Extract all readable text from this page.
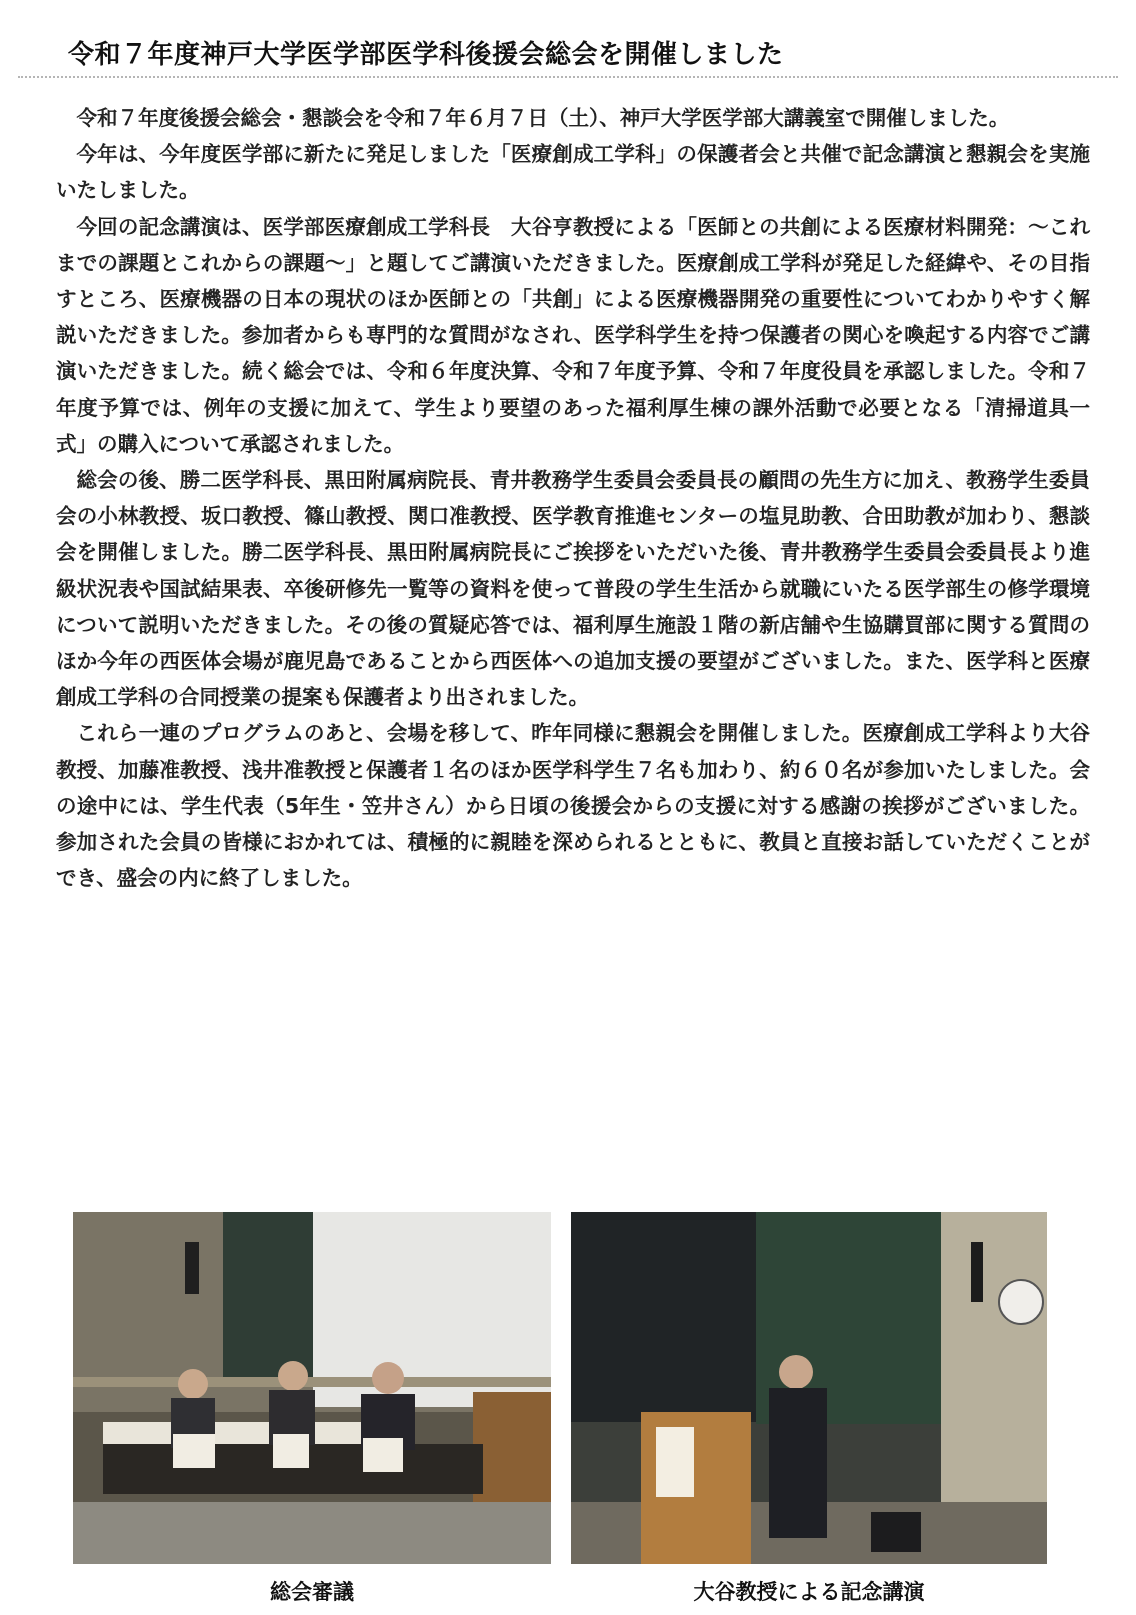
令和７年度神戸大学医学部医学科後援会総会を開催しました

令和７年度後援会総会・懇談会を令和７年６月７日（土）、神戸大学医学部大講義室で開催しました。

今年は、今年度医学部に新たに発足しました「医療創成工学科」の保護者会と共催で記念講演と懇親会を実施いたしました。

今回の記念講演は、医学部医療創成工学科長　大谷亨教授による「医師との共創による医療材料開発：～これまでの課題とこれからの課題～」と題してご講演いただきました。医療創成工学科が発足した経緯や、その目指すところ、医療機器の日本の現状のほか医師との「共創」による医療機器開発の重要性についてわかりやすく解説いただきました。参加者からも専門的な質問がなされ、医学科学生を持つ保護者の関心を喚起する内容でご講演いただきました。続く総会では、令和６年度決算、令和７年度予算、令和７年度役員を承認しました。令和７年度予算では、例年の支援に加えて、学生より要望のあった福利厚生棟の課外活動で必要となる「清掃道具一式」の購入について承認されました。

総会の後、勝二医学科長、黒田附属病院長、青井教務学生委員会委員長の顧問の先生方に加え、教務学生委員会の小林教授、坂口教授、篠山教授、関口准教授、医学教育推進センターの塩見助教、合田助教が加わり、懇談会を開催しました。勝二医学科長、黒田附属病院長にご挨拶をいただいた後、青井教務学生委員会委員長より進級状況表や国試結果表、卒後研修先一覧等の資料を使って普段の学生生活から就職にいたる医学部生の修学環境について説明いただきました。その後の質疑応答では、福利厚生施設１階の新店舗や生協購買部に関する質問のほか今年の西医体会場が鹿児島であることから西医体への追加支援の要望がございました。また、医学科と医療創成工学科の合同授業の提案も保護者より出されました。

これら一連のプログラムのあと、会場を移して、昨年同様に懇親会を開催しました。医療創成工学科より大谷教授、加藤准教授、浅井准教授と保護者１名のほか医学科学生７名も加わり、約６０名が参加いたしました。会の途中には、学生代表（5年生・笠井さん）から日頃の後援会からの支援に対する感謝の挨拶がございました。参加された会員の皆様におかれては、積極的に親睦を深められるとともに、教員と直接お話していただくことができ、盛会の内に終了しました。

総会審議	大谷教授による記念講演
